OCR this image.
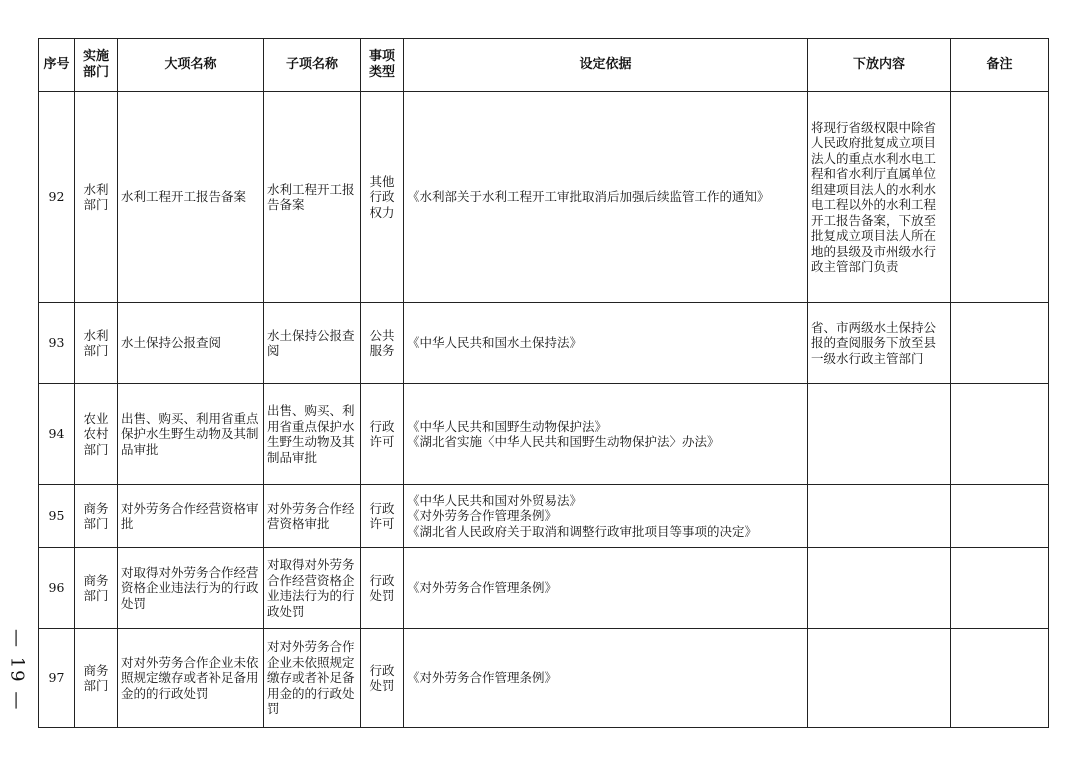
序号	实施部门	大项名称	子项名称	事项类型	设定依据	下放内容	备注
92	水利部门	水利工程开工报告备案	水利工程开工报告备案	其他行政权力	《水利部关于水利工程开工审批取消后加强后续监管工作的通知》	将现行省级权限中除省人民政府批复成立项目法人的重点水利水电工程和省水利厅直属单位组建项目法人的水利水电工程以外的水利工程开工报告备案，下放至批复成立项目法人所在地的县级及市州级水行政主管部门负责	
93	水利部门	水土保持公报查阅	水土保持公报查阅	公共服务	《中华人民共和国水土保持法》	省、市两级水土保持公报的查阅服务下放至县一级水行政主管部门	
94	农业农村部门	出售、购买、利用省重点保护水生野生动物及其制品审批	出售、购买、利用省重点保护水生野生动物及其制品审批	行政许可	《中华人民共和国野生动物保护法》
《湖北省实施〈中华人民共和国野生动物保护法〉办法》		
95	商务部门	对外劳务合作经营资格审批	对外劳务合作经营资格审批	行政许可	《中华人民共和国对外贸易法》
《对外劳务合作管理条例》
《湖北省人民政府关于取消和调整行政审批项目等事项的决定》		
96	商务部门	对取得对外劳务合作经营资格企业违法行为的行政处罚	对取得对外劳务合作经营资格企业违法行为的行政处罚	行政处罚	《对外劳务合作管理条例》		
97	商务部门	对对外劳务合作企业未依照规定缴存或者补足备用金的的行政处罚	对对外劳务合作企业未依照规定缴存或者补足备用金的的行政处罚	行政处罚	《对外劳务合作管理条例》		
— 19 —
